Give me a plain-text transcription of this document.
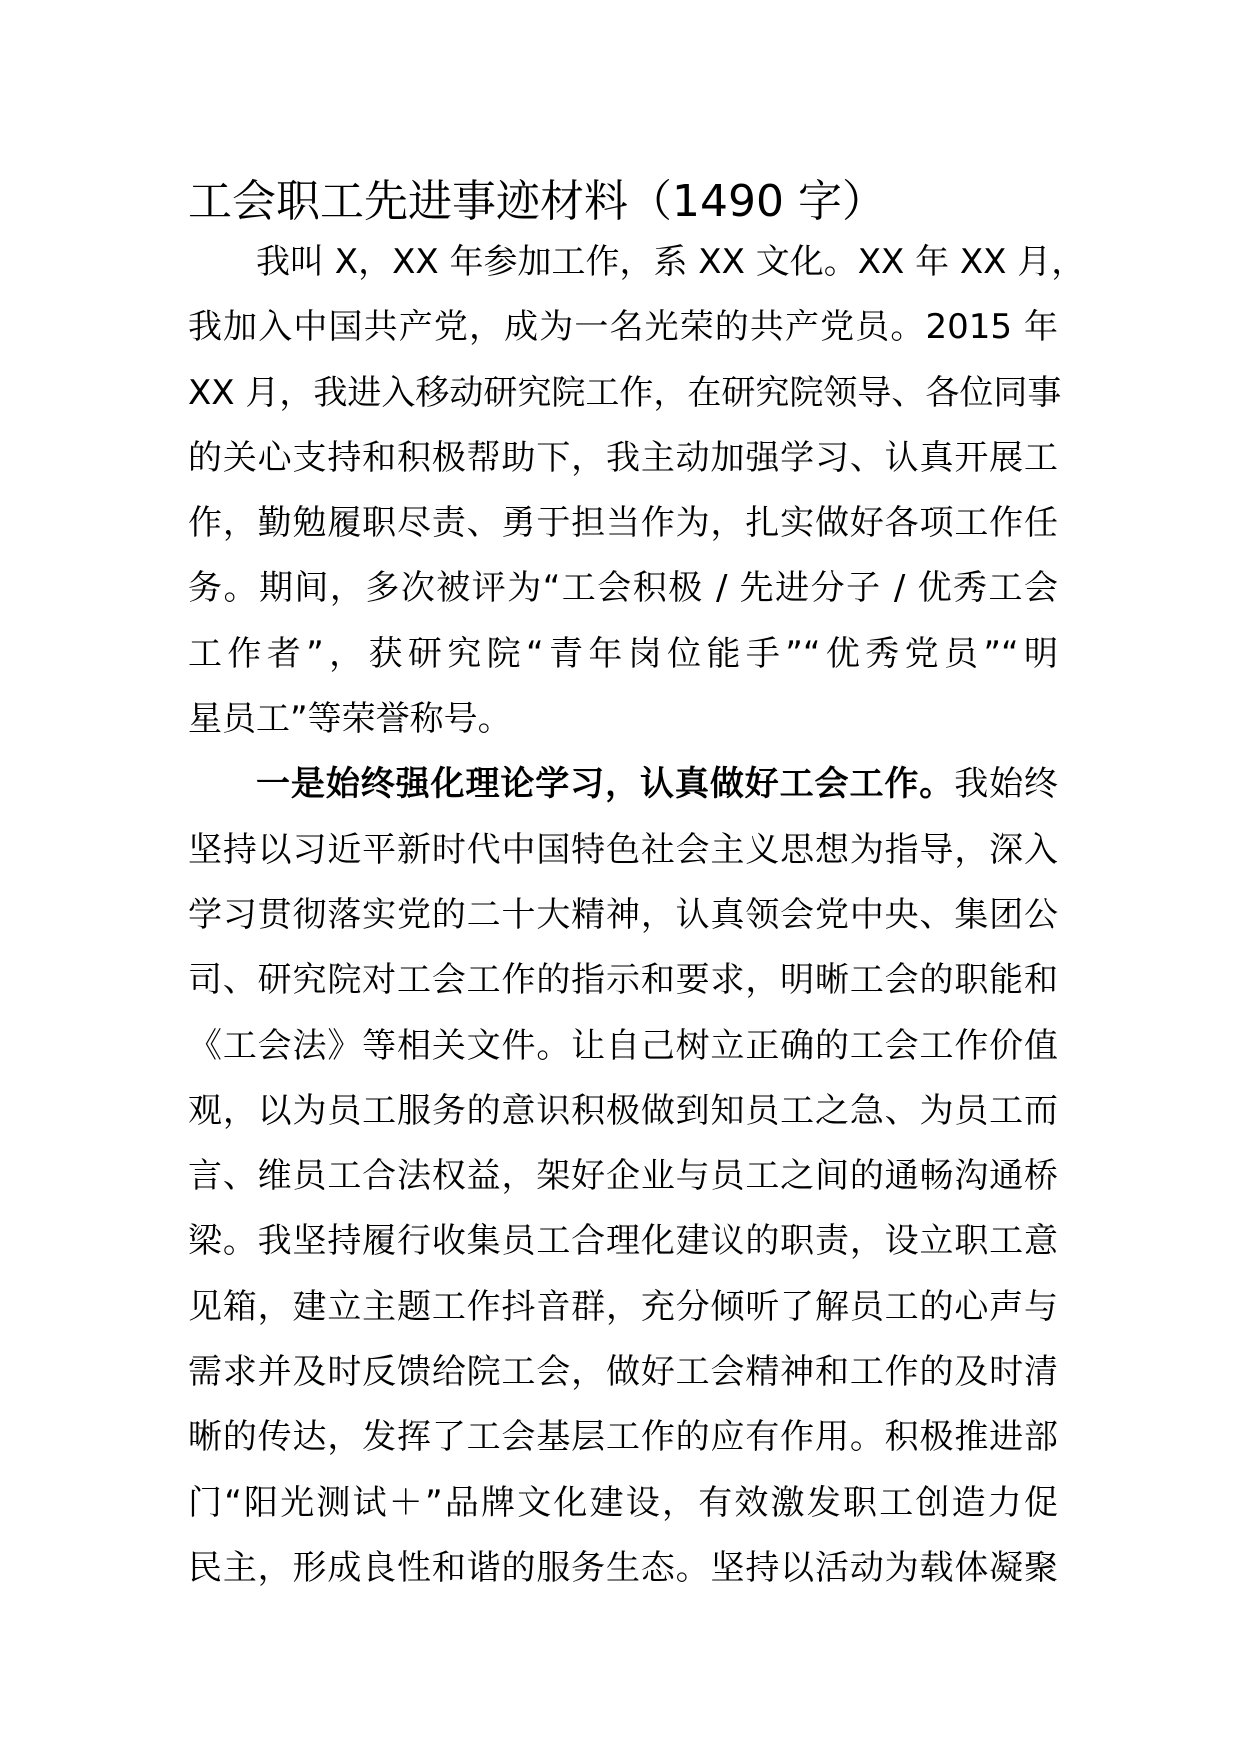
工会职工先进事迹材料（1490 字）
我叫 X，XX 年参加工作，系 XX 文化。XX 年 XX 月，
我加入中国共产党，成为一名光荣的共产党员。2015 年
XX 月，我进入移动研究院工作，在研究院领导、各位同事
的关心支持和积极帮助下，我主动加强学习、认真开展工
作，勤勉履职尽责、勇于担当作为，扎实做好各项工作任
务。期间，多次被评为“工会积极 / 先进分子 / 优秀工会
工作者”，获研究院“青年岗位能手”“优秀党员”“明
星员工”等荣誉称号。
一是始终强化理论学习，认真做好工会工作。我始终
坚持以习近平新时代中国特色社会主义思想为指导，深入
学习贯彻落实党的二十大精神，认真领会党中央、集团公
司、研究院对工会工作的指示和要求，明晰工会的职能和
《工会法》等相关文件。让自己树立正确的工会工作价值
观，以为员工服务的意识积极做到知员工之急、为员工而
言、维员工合法权益，架好企业与员工之间的通畅沟通桥
梁。我坚持履行收集员工合理化建议的职责，设立职工意
见箱，建立主题工作抖音群，充分倾听了解员工的心声与
需求并及时反馈给院工会，做好工会精神和工作的及时清
晰的传达，发挥了工会基层工作的应有作用。积极推进部
门“阳光测试＋”品牌文化建设，有效激发职工创造力促
民主，形成良性和谐的服务生态。坚持以活动为载体凝聚
